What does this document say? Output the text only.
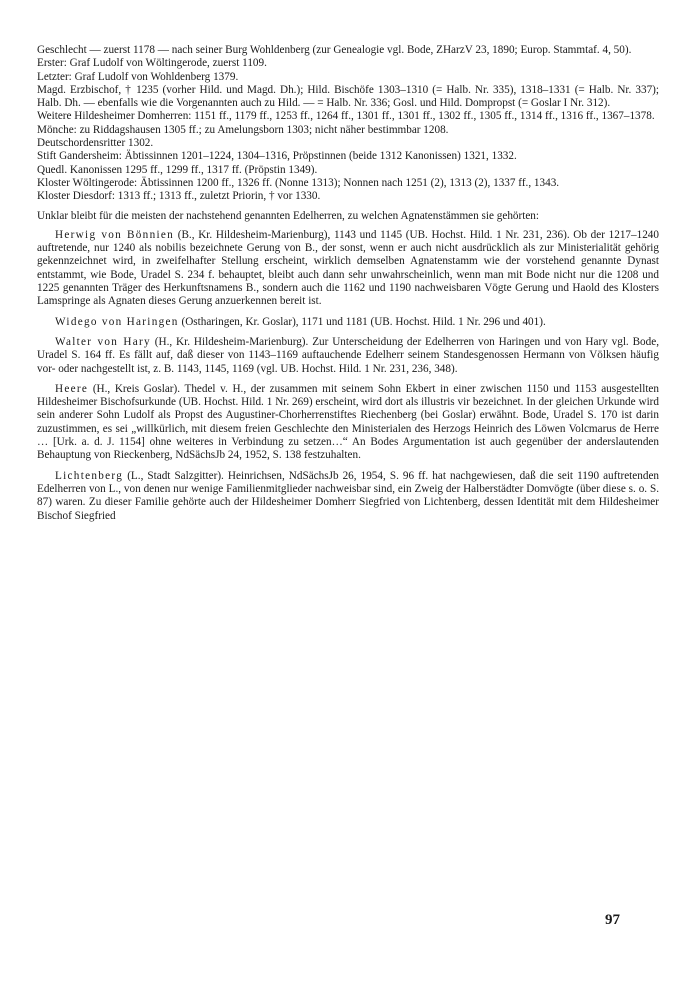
Geschlecht — zuerst 1178 — nach seiner Burg Wohldenberg (zur Genealogie vgl. Bode, ZHarzV 23, 1890; Europ. Stammtaf. 4, 50).

Erster: Graf Ludolf von Wöltingerode, zuerst 1109.

Letzter: Graf Ludolf von Wohldenberg 1379.

Magd. Erzbischof, † 1235 (vorher Hild. und Magd. Dh.); Hild. Bischöfe 1303–1310 (= Halb. Nr. 335), 1318–1331 (= Halb. Nr. 337); Halb. Dh. — ebenfalls wie die Vorgenannten auch zu Hild. — = Halb. Nr. 336; Gosl. und Hild. Dompropst (= Goslar I Nr. 312).

Weitere Hildesheimer Domherren: 1151 ff., 1179 ff., 1253 ff., 1264 ff., 1301 ff., 1301 ff., 1302 ff., 1305 ff., 1314 ff., 1316 ff., 1367–1378.

Mönche: zu Riddagshausen 1305 ff.; zu Amelungsborn 1303; nicht näher bestimmbar 1208.

Deutschordensritter 1302.

Stift Gandersheim: Äbtissinnen 1201–1224, 1304–1316, Pröpstinnen (beide 1312 Kanonissen) 1321, 1332.

Quedl. Kanonissen 1295 ff., 1299 ff., 1317 ff. (Pröpstin 1349).

Kloster Wöltingerode: Äbtissinnen 1200 ff., 1326 ff. (Nonne 1313); Nonnen nach 1251 (2), 1313 (2), 1337 ff., 1343.

Kloster Diesdorf: 1313 ff.; 1313 ff., zuletzt Priorin, † vor 1330.

Unklar bleibt für die meisten der nachstehend genannten Edelherren, zu welchen Agnatenstämmen sie gehörten:

Herwig von Bönnien (B., Kr. Hildesheim-Marienburg), 1143 und 1145 (UB. Hochst. Hild. 1 Nr. 231, 236). Ob der 1217–1240 auftretende, nur 1240 als nobilis bezeichnete Gerung von B., der sonst, wenn er auch nicht ausdrücklich als zur Ministerialität gehörig gekennzeichnet wird, in zweifelhafter Stellung erscheint, wirklich demselben Agnatenstamm wie der vorstehend genannte Dynast entstammt, wie Bode, Uradel S. 234 f. behauptet, bleibt auch dann sehr unwahrscheinlich, wenn man mit Bode nicht nur die 1208 und 1225 genannten Träger des Herkunftsnamens B., sondern auch die 1162 und 1190 nachweisbaren Vögte Gerung und Haold des Klosters Lamspringe als Agnaten dieses Gerung anzuerkennen bereit ist.

Widego von Haringen (Ostharingen, Kr. Goslar), 1171 und 1181 (UB. Hochst. Hild. 1 Nr. 296 und 401).

Walter von Hary (H., Kr. Hildesheim-Marienburg). Zur Unterscheidung der Edelherren von Haringen und von Hary vgl. Bode, Uradel S. 164 ff. Es fällt auf, daß dieser von 1143–1169 auftauchende Edelherr seinem Standesgenossen Hermann von Völksen häufig vor- oder nachgestellt ist, z. B. 1143, 1145, 1169 (vgl. UB. Hochst. Hild. 1 Nr. 231, 236, 348).

Heere (H., Kreis Goslar). Thedel v. H., der zusammen mit seinem Sohn Ekbert in einer zwischen 1150 und 1153 ausgestellten Hildesheimer Bischofsurkunde (UB. Hochst. Hild. 1 Nr. 269) erscheint, wird dort als illustris vir bezeichnet. In der gleichen Urkunde wird sein anderer Sohn Ludolf als Propst des Augustiner-Chorherrenstiftes Riechenberg (bei Goslar) erwähnt. Bode, Uradel S. 170 ist darin zuzustimmen, es sei „willkürlich, mit diesem freien Geschlechte den Ministerialen des Herzogs Heinrich des Löwen Volcmarus de Herre … [Urk. a. d. J. 1154] ohne weiteres in Verbindung zu setzen…“ An Bodes Argumentation ist auch gegenüber der anderslautenden Behauptung von Rieckenberg, NdSächsJb 24, 1952, S. 138 festzuhalten.

Lichtenberg (L., Stadt Salzgitter). Heinrichsen, NdSächsJb 26, 1954, S. 96 ff. hat nachgewiesen, daß die seit 1190 auftretenden Edelherren von L., von denen nur wenige Familienmitglieder nachweisbar sind, ein Zweig der Halberstädter Domvögte (über diese s. o. S. 87) waren. Zu dieser Familie gehörte auch der Hildesheimer Domherr Siegfried von Lichtenberg, dessen Identität mit dem Hildesheimer Bischof Siegfried

97
